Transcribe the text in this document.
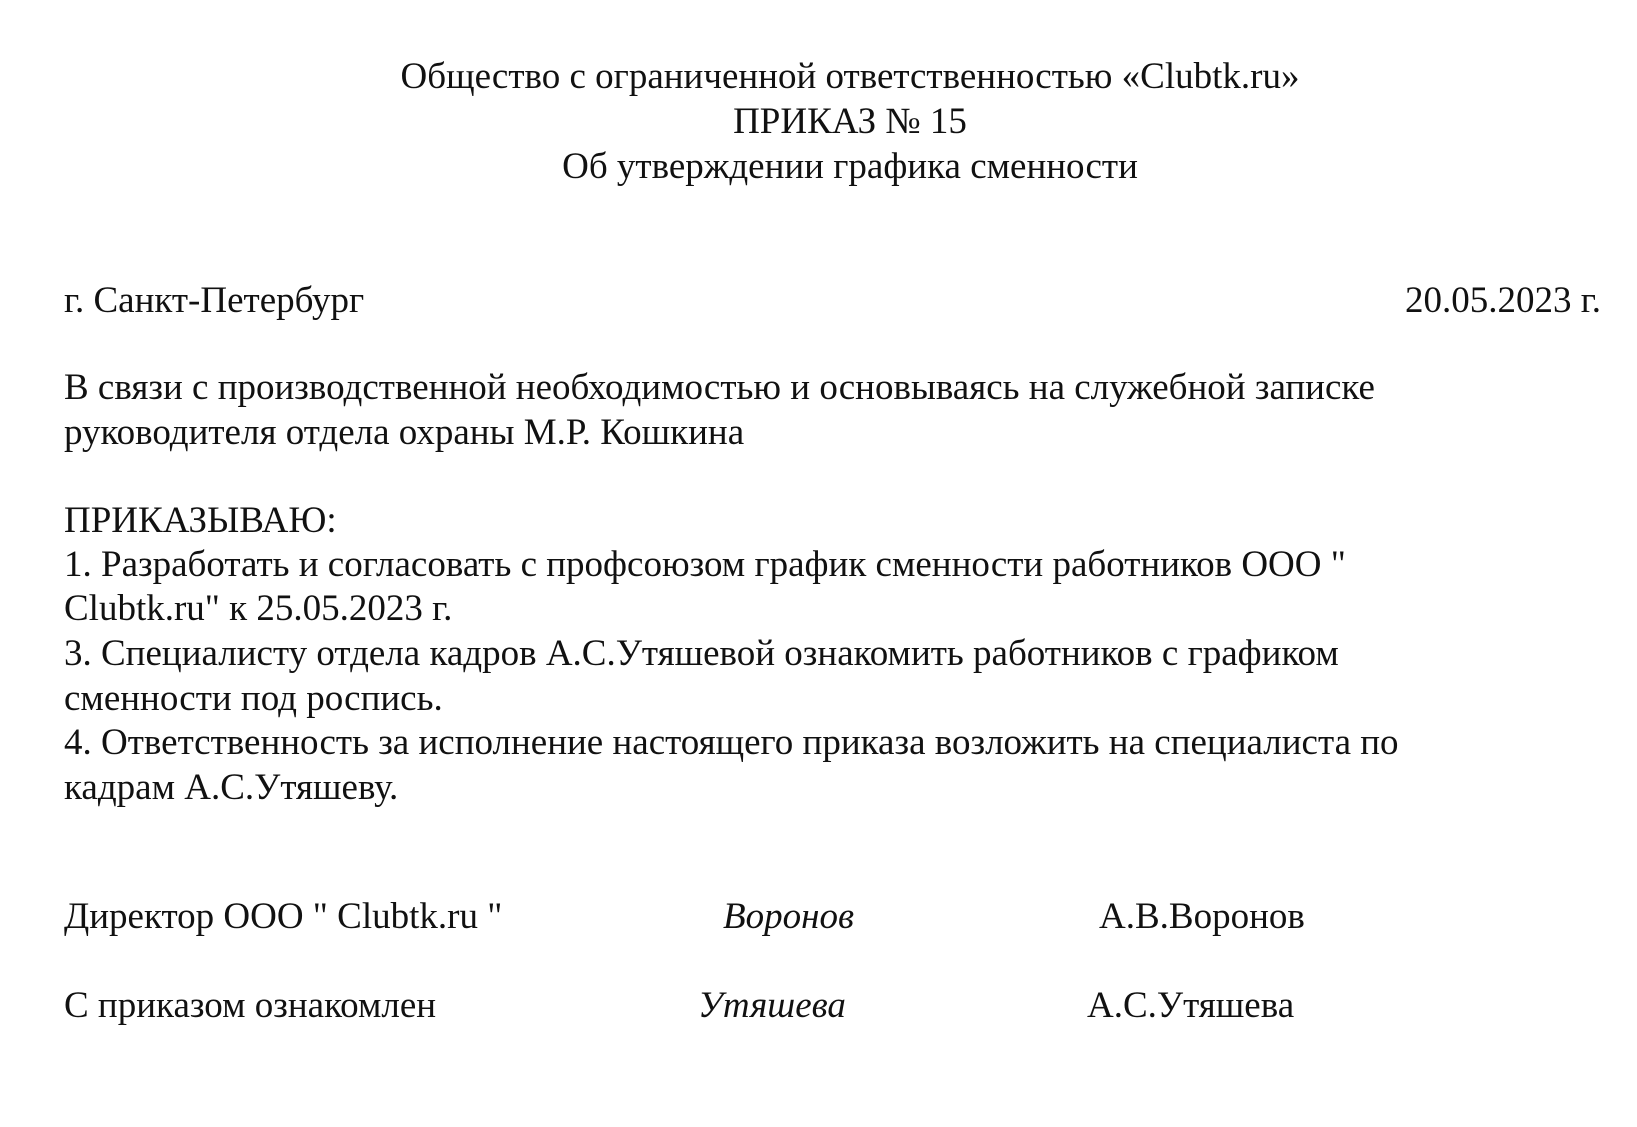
Общество с ограниченной ответственностью «Clubtk.ru»
ПРИКАЗ № 15
Об утверждении графика сменности
г. Санкт-Петербург	20.05.2023 г.
В связи с производственной необходимостью и основываясь на служебной записке
руководителя отдела охраны М.Р. Кошкина
ПРИКАЗЫВАЮ:
1. Разработать и согласовать с профсоюзом график сменности работников ООО "
Clubtk.ru" к 25.05.2023 г.
3. Специалисту отдела кадров А.С.Утяшевой ознакомить работников с графиком
сменности под роспись.
4. Ответственность за исполнение настоящего приказа возложить на специалиста по
кадрам А.С.Утяшеву.
Директор ООО " Clubtk.ru "	Воронов	А.В.Воронов
С приказом ознакомлен	Утяшева	А.С.Утяшева
